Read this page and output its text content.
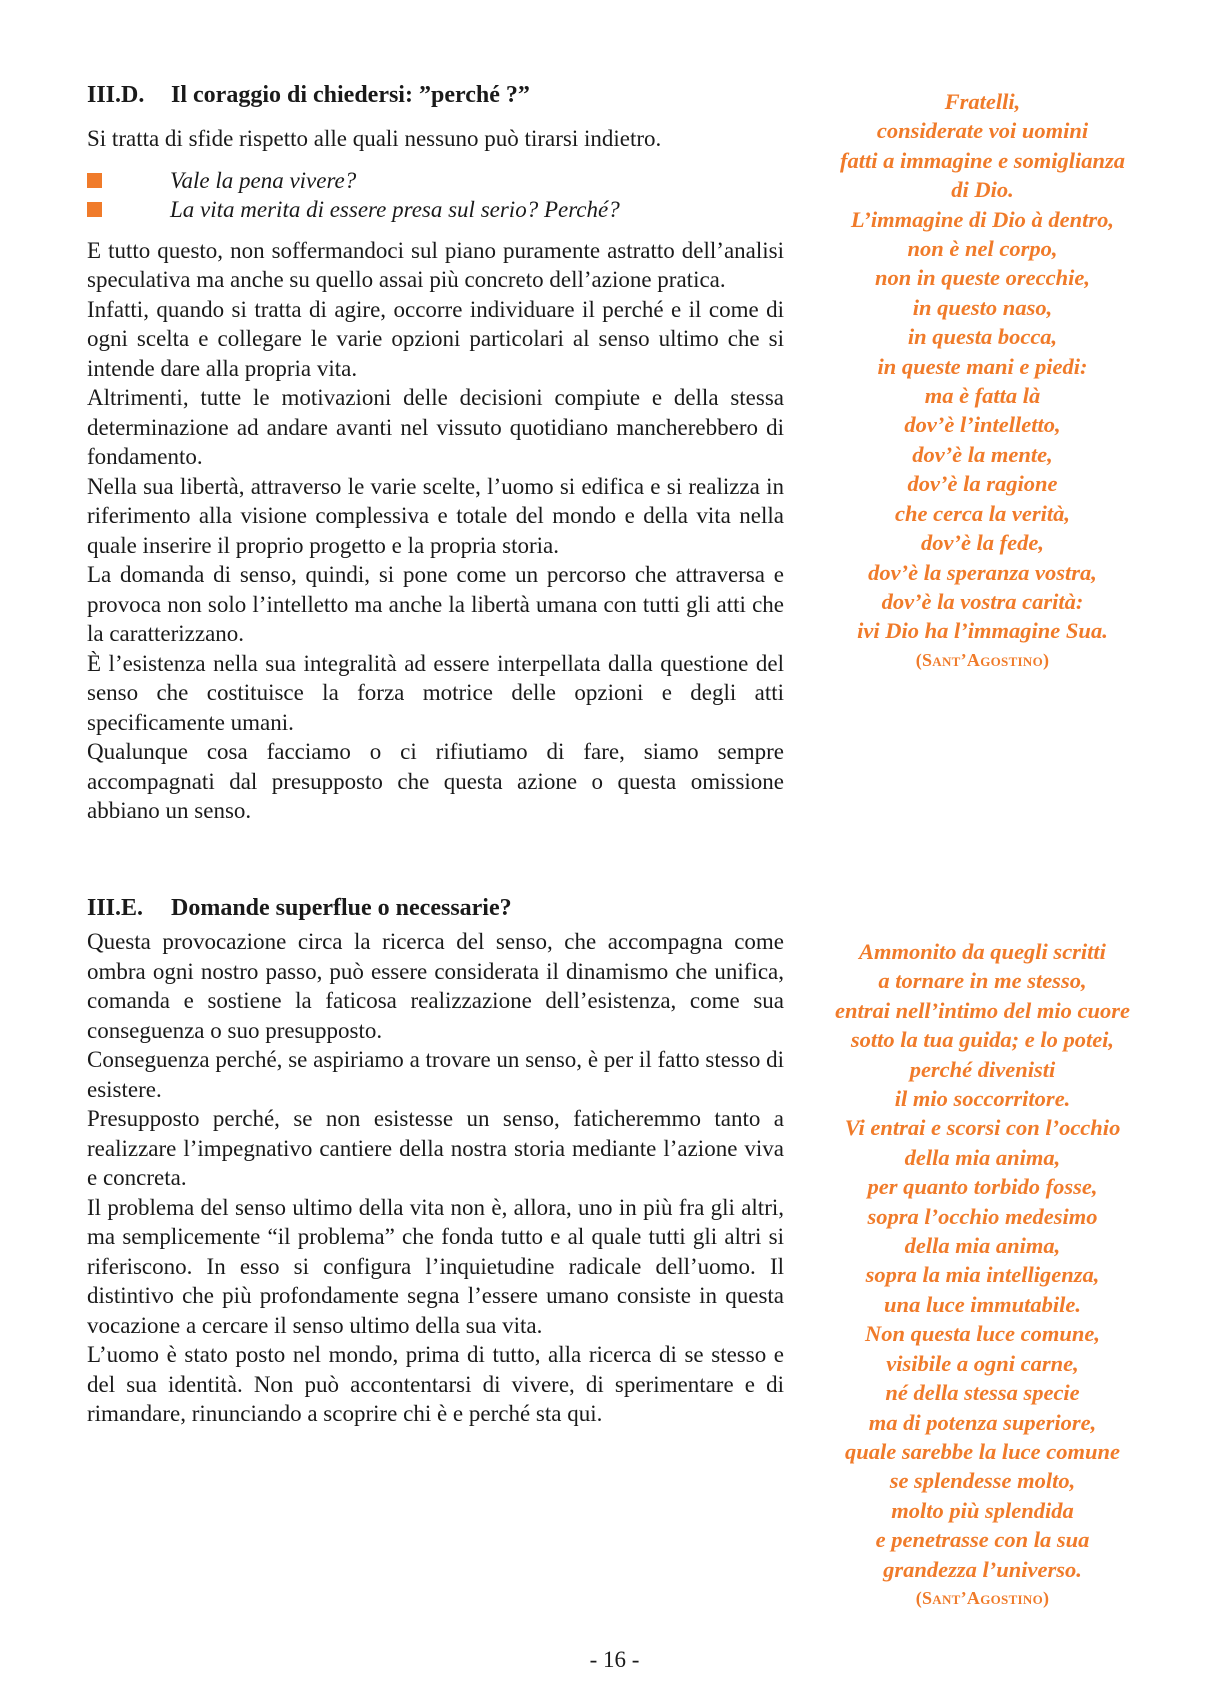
III.D.	Il coraggio di chiedersi: ”perché ?”

Si tratta di sfide rispetto alle quali nessuno può tirarsi indietro.

Vale la pena vivere?
La vita merita di essere presa sul serio? Perché?

E tutto questo, non soffermandoci sul piano puramente astratto dell’analisi speculativa ma anche su quello assai più concreto dell’azione pratica.

Infatti, quando si tratta di agire, occorre individuare il perché e il come di ogni scelta e collegare le varie opzioni particolari al senso ultimo che si intende dare alla propria vita.

Altrimenti, tutte le motivazioni delle decisioni compiute e della stessa determinazione ad andare avanti nel vissuto quotidiano mancherebbero di fondamento.

Nella sua libertà, attraverso le varie scelte, l’uomo si edifica e si realizza in riferimento alla visione complessiva e totale del mondo e della vita nella quale inserire il proprio progetto e la propria storia.

La domanda di senso, quindi, si pone come un percorso che attraversa e provoca non solo l’intelletto ma anche la libertà umana con tutti gli atti che la caratterizzano.

È l’esistenza nella sua integralità ad essere interpellata dalla questione del senso che costituisce la forza motrice delle opzioni e degli atti specificamente umani.

Qualunque cosa facciamo o ci rifiutiamo di fare, siamo sempre accompagnati dal presupposto che questa azione o questa omissione abbiano un senso.

III.E.	Domande superflue o necessarie?

Questa provocazione circa la ricerca del senso, che accompagna come ombra ogni nostro passo, può essere considerata il dinamismo che unifica, comanda e sostiene la faticosa realizzazione dell’esistenza, come sua conseguenza o suo presupposto.

Conseguenza perché, se aspiriamo a trovare un senso, è per il fatto stesso di esistere.

Presupposto perché, se non esistesse un senso, faticheremmo tanto a realizzare l’impegnativo cantiere della nostra storia mediante l’azione viva e concreta.

Il problema del senso ultimo della vita non è, allora, uno in più fra gli altri, ma semplicemente “il problema” che fonda tutto e al quale tutti gli altri si riferiscono. In esso si configura l’inquietudine radicale dell’uomo. Il distintivo che più profondamente segna l’essere umano consiste in questa vocazione a cercare il senso ultimo della sua vita.

L’uomo è stato posto nel mondo, prima di tutto, alla ricerca di se stesso e del sua identità. Non può accontentarsi di vivere, di sperimentare e di rimandare, rinunciando a scoprire chi è e perché sta qui.

Fratelli,
considerate voi uomini
fatti a immagine e somiglianza
di Dio.
L’immagine di Dio à dentro,
non è nel corpo,
non in queste orecchie,
in questo naso,
in questa bocca,
in queste mani e piedi:
ma è fatta là
dov’è l’intelletto,
dov’è la mente,
dov’è la ragione
che cerca la verità,
dov’è la fede,
dov’è la speranza vostra,
dov’è la vostra carità:
ivi Dio ha l’immagine Sua.
(Sant’Agostino)
Ammonito da quegli scritti
a tornare in me stesso,
entrai nell’intimo del mio cuore
sotto la tua guida; e lo potei,
perché divenisti
il mio soccorritore.
Vi entrai e scorsi con l’occhio
della mia anima,
per quanto torbido fosse,
sopra l’occhio medesimo
della mia anima,
sopra la mia intelligenza,
una luce immutabile.
Non questa luce comune,
visibile a ogni carne,
né della stessa specie
ma di potenza superiore,
quale sarebbe la luce comune
se splendesse molto,
molto più splendida
e penetrasse con la sua
grandezza l’universo.
(Sant’Agostino)
- 16 -
